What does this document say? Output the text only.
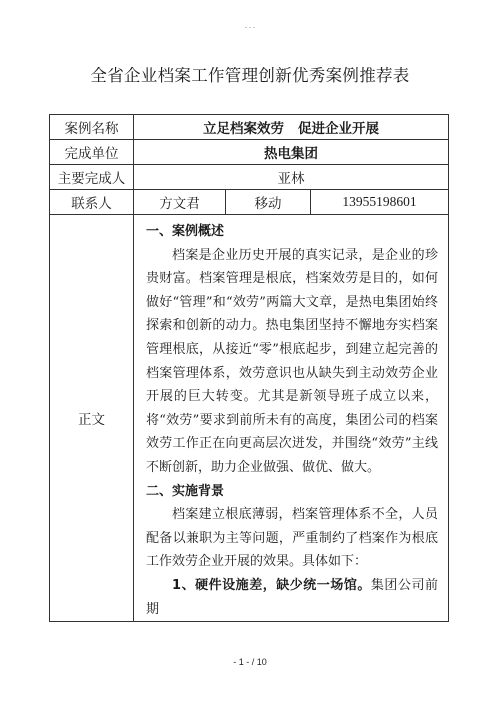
- - -
全省企业档案工作管理创新优秀案例推荐表
案例名称	立足档案效劳   促进企业开展		
完成单位	热电集团		
主要完成人	亚林		
联系人	方文君	移动	13955198601
正文	一、案例概述

档案是企业历史开展的真实记录，是企业的珍贵财富。档案管理是根底，档案效劳是目的，如何做好“管理”和“效劳”两篇大文章，是热电集团始终探索和创新的动力。热电集团坚持不懈地夯实档案管理根底，从接近“零”根底起步，到建立起完善的档案管理体系，效劳意识也从缺失到主动效劳企业开展的巨大转变。尤其是新领导班子成立以来，将“效劳”要求到前所未有的高度，集团公司的档案效劳工作正在向更高层次迸发，并围绕“效劳”主线不断创新，助力企业做强、做优、做大。

二、实施背景

档案建立根底薄弱，档案管理体系不全，人员配备以兼职为主等问题，严重制约了档案作为根底工作效劳企业开展的效果。具体如下：

1、硬件设施差，缺少统一场馆。集团公司前期		

- 1 - / 10
